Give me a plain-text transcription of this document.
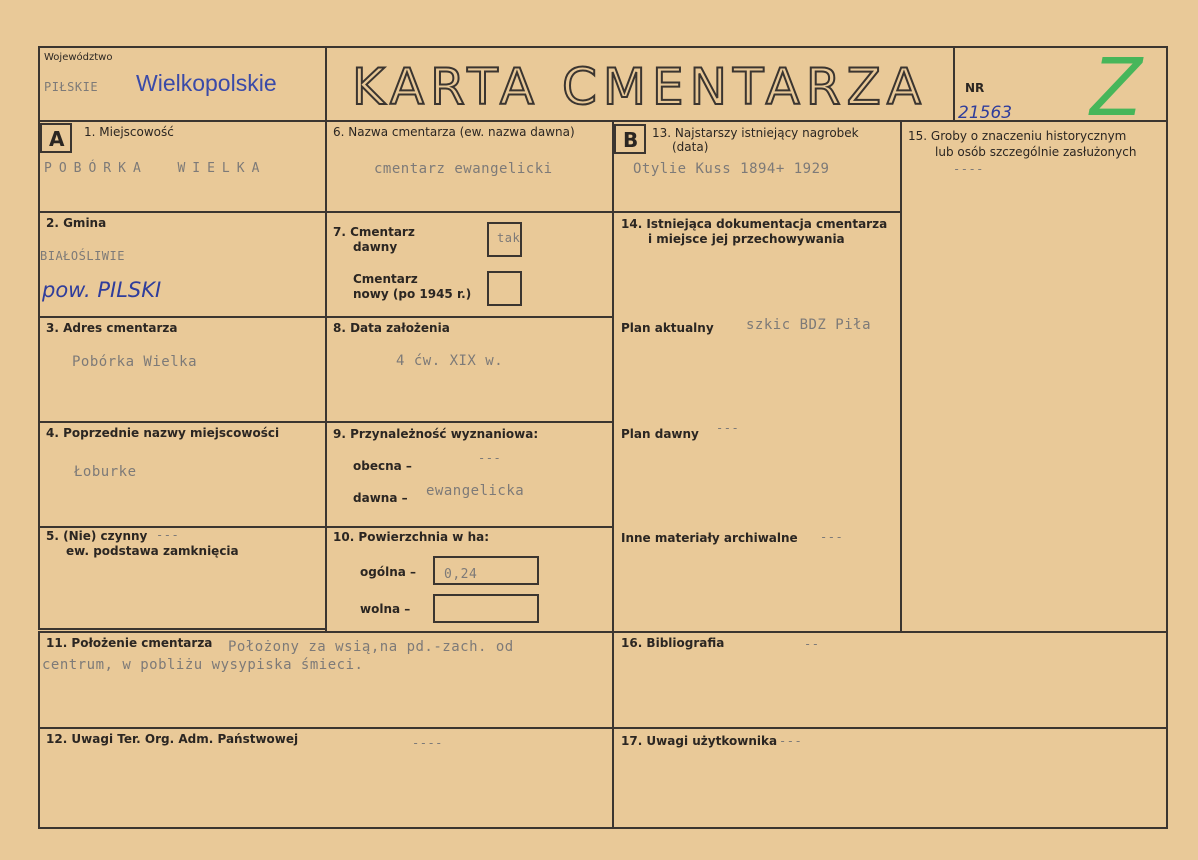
Województwo
PIŁSKIE Wielkopolskie KARTA CMENTARZA	NR
21563 Z
A 1. Miejscowość
POBÓRKA  WIELKA
2. Gmina
BIAŁOŚLIWIE
pow. PILSKI
3. Adres cmentarza
Pobórka Wielka
4. Poprzednie nazwy miejscowości
Łoburke
5. (Nie) czynny ---
ew. podstawa zamknięcia
6. Nazwa cmentarza (ew. nazwa dawna)
cmentarz ewangelicki
7. Cmentarz
dawny
tak
Cmentarz
nowy (po 1945 r.)
8. Data założenia
4 ćw. XIX w.
9. Przynależność wyznaniowa:
obecna –
---
dawna – ewangelicka
10. Powierzchnia w ha:
ogólna – 0,24
wolna –
B 13. Najstarszy istniejący nagrobek
(data)
Otylie Kuss 1894+ 1929
14. Istniejąca dokumentacja cmentarza
i miejsce jej przechowywania
Plan aktualny szkic BDZ Piła
Plan dawny ---
Inne materiały archiwalne ---
15. Groby o znaczeniu historycznym
lub osób szczególnie zasłużonych
----
11. Położenie cmentarza Położony za wsią,na pd.-zach. od
centrum, w pobliżu wysypiska śmieci.
16. Bibliografia	--
12. Uwagi Ter. Org. Adm. Państwowej	----	17. Uwagi użytkownika ---
